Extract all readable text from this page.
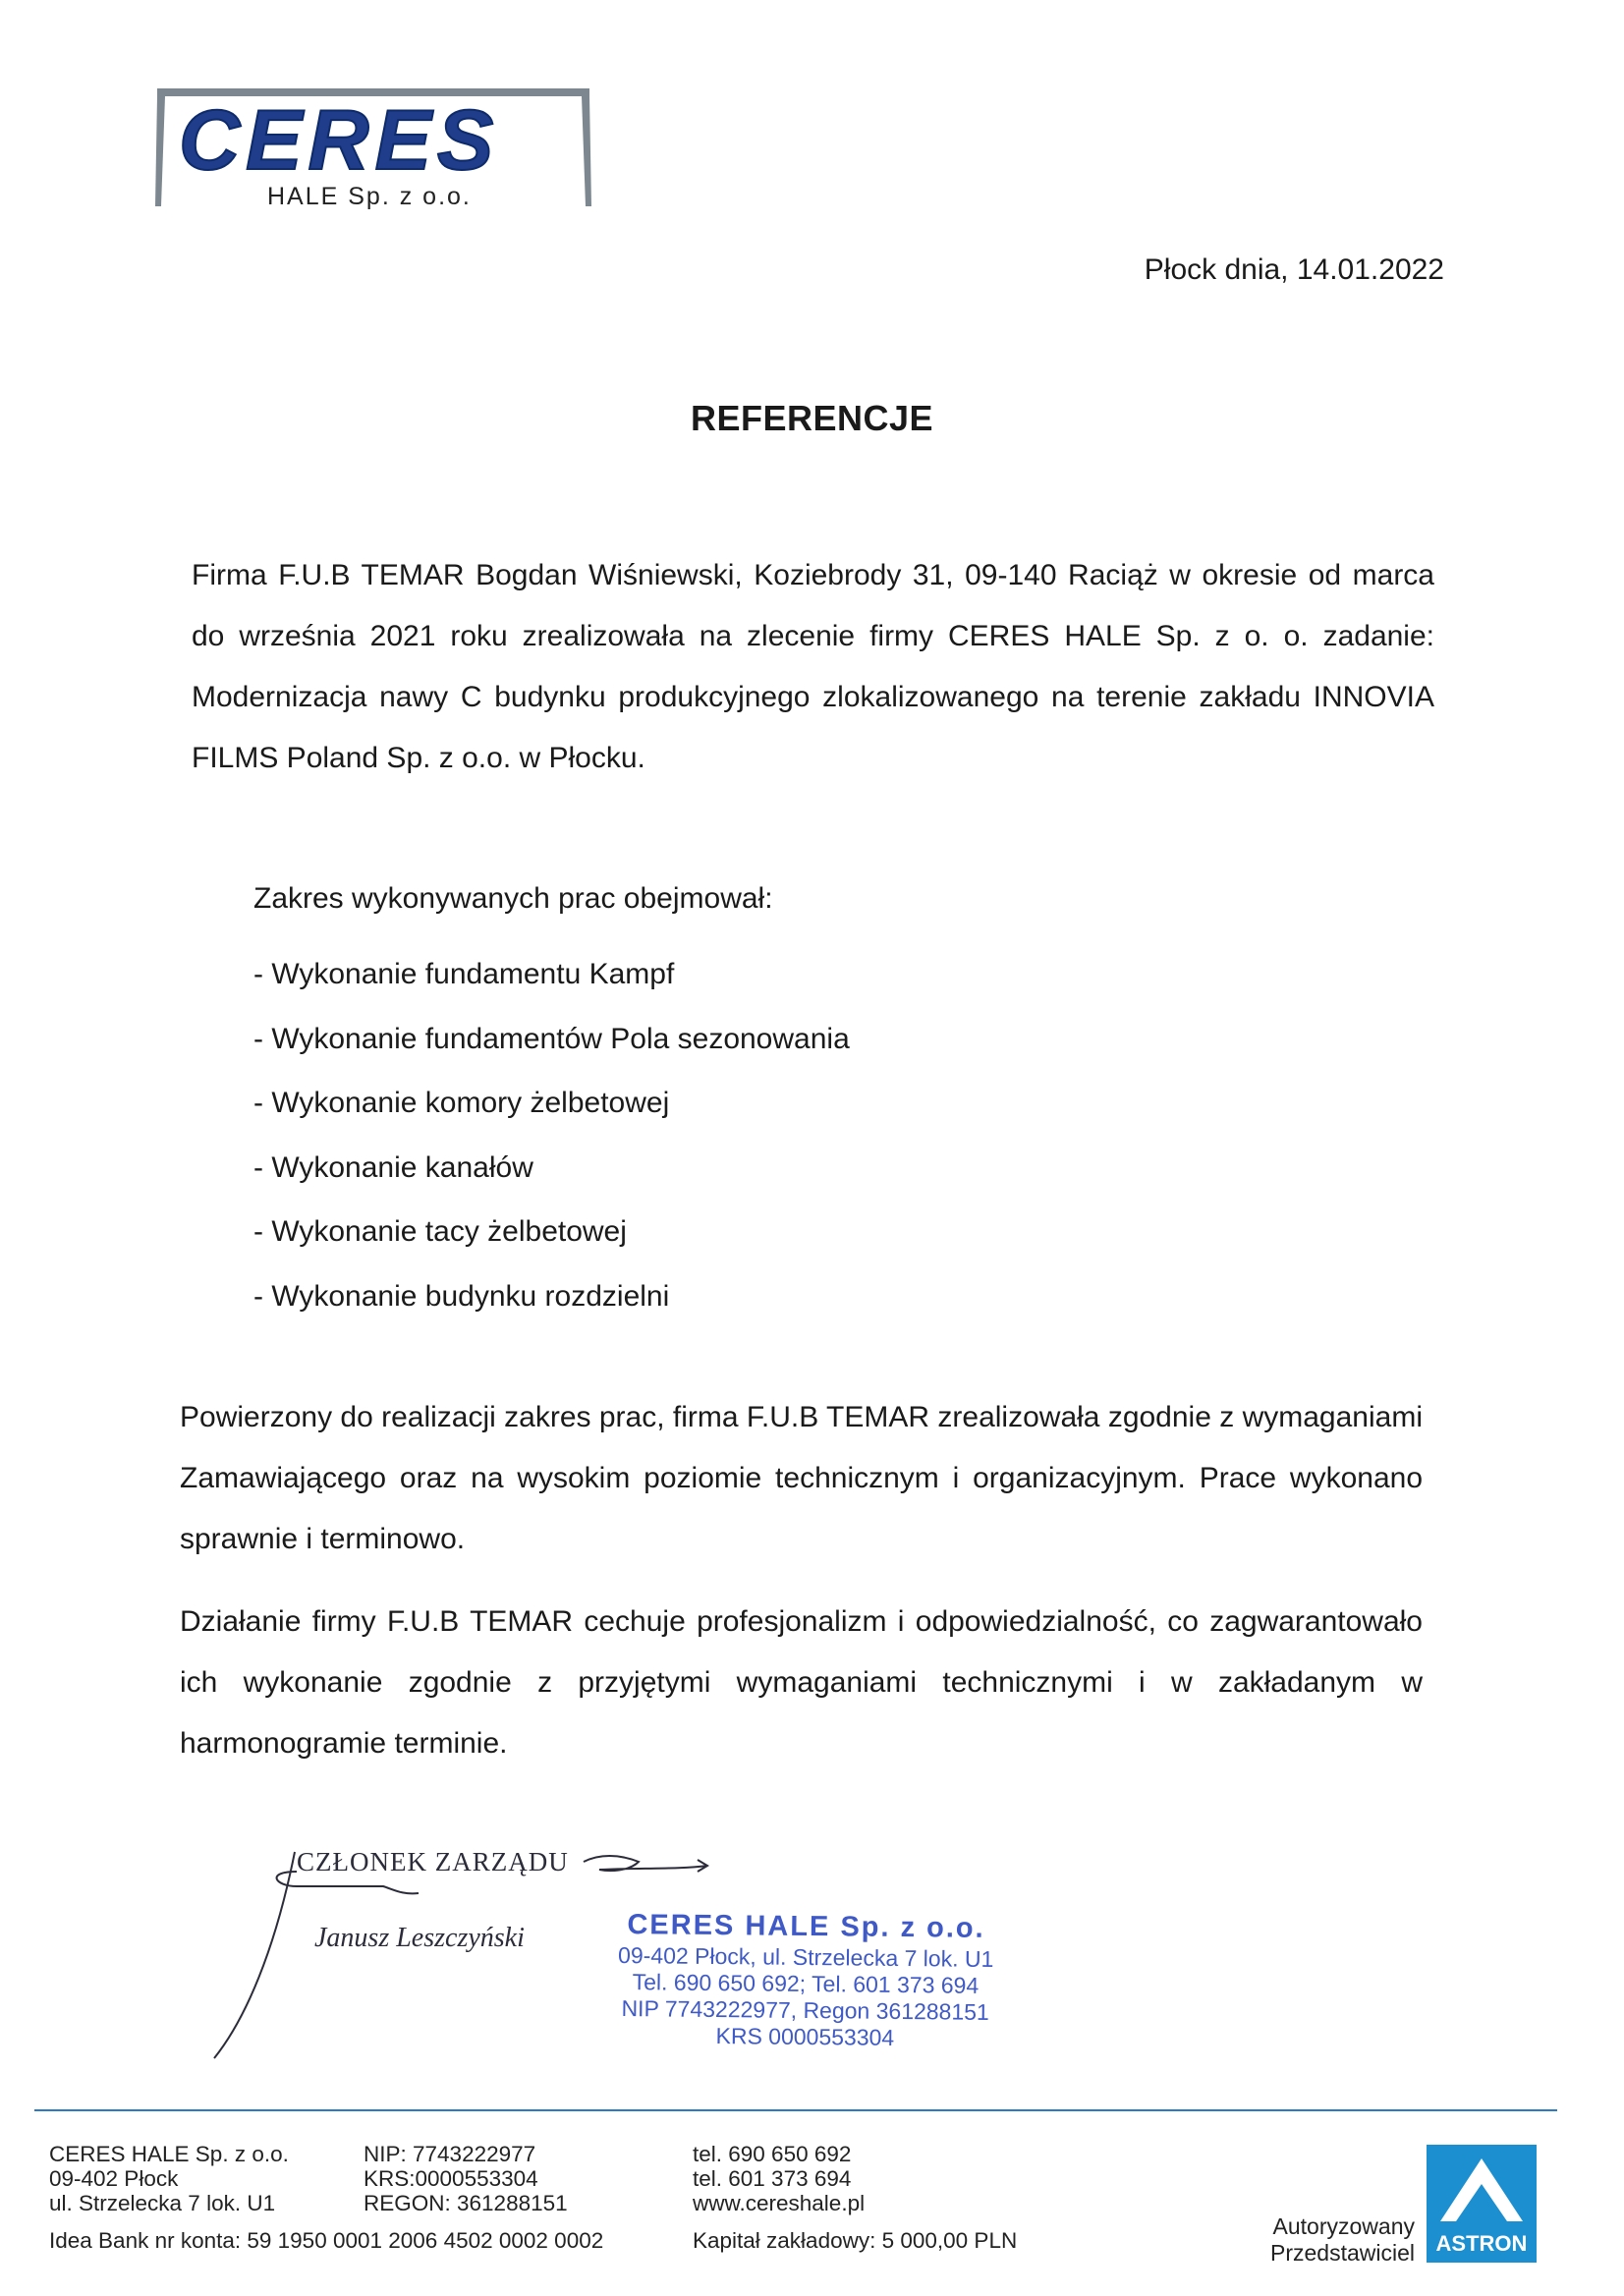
CERES
HALE Sp. z o.o.
Płock dnia, 14.01.2022
REFERENCJE

Firma F.U.B TEMAR Bogdan Wiśniewski, Koziebrody 31, 09-140 Raciąż w okresie od marca do września 2021 roku zrealizowała na zlecenie firmy CERES HALE Sp. z o. o. zadanie: Modernizacja nawy C budynku produkcyjnego zlokalizowanego na terenie zakładu INNOVIA FILMS Poland Sp. z o.o. w Płocku.

Zakres wykonywanych prac obejmował:
- Wykonanie fundamentu Kampf
- Wykonanie fundamentów Pola sezonowania
- Wykonanie komory żelbetowej
- Wykonanie kanałów
- Wykonanie tacy żelbetowej
- Wykonanie budynku rozdzielni

Powierzony do realizacji zakres prac, firma F.U.B TEMAR zrealizowała zgodnie z wymaganiami Zamawiającego oraz na wysokim poziomie technicznym i organizacyjnym. Prace wykonano sprawnie i terminowo.

Działanie firmy F.U.B TEMAR cechuje profesjonalizm i odpowiedzialność, co zagwarantowało ich wykonanie zgodnie z przyjętymi wymaganiami technicznymi i w zakładanym w harmonogramie terminie.

CZŁONEK ZARZĄDU
Janusz Leszczyński	CERES HALE Sp. z o.o.
09-402 Płock, ul. Strzelecka 7 lok. U1
Tel. 690 650 692; Tel. 601 373 694
NIP 7743222977, Regon 361288151
KRS 0000553304
CERES HALE Sp. z o.o.
09-402 Płock
ul. Strzelecka 7 lok. U1
NIP: 7743222977
KRS:0000553304
REGON: 361288151
tel. 690 650 692
tel. 601 373 694
www.cereshale.pl
Idea Bank nr konta: 59 1950 0001 2006 4502 0002 0002	Kapitał zakładowy: 5 000,00 PLN
Autoryzowany
Przedstawiciel ASTRON
